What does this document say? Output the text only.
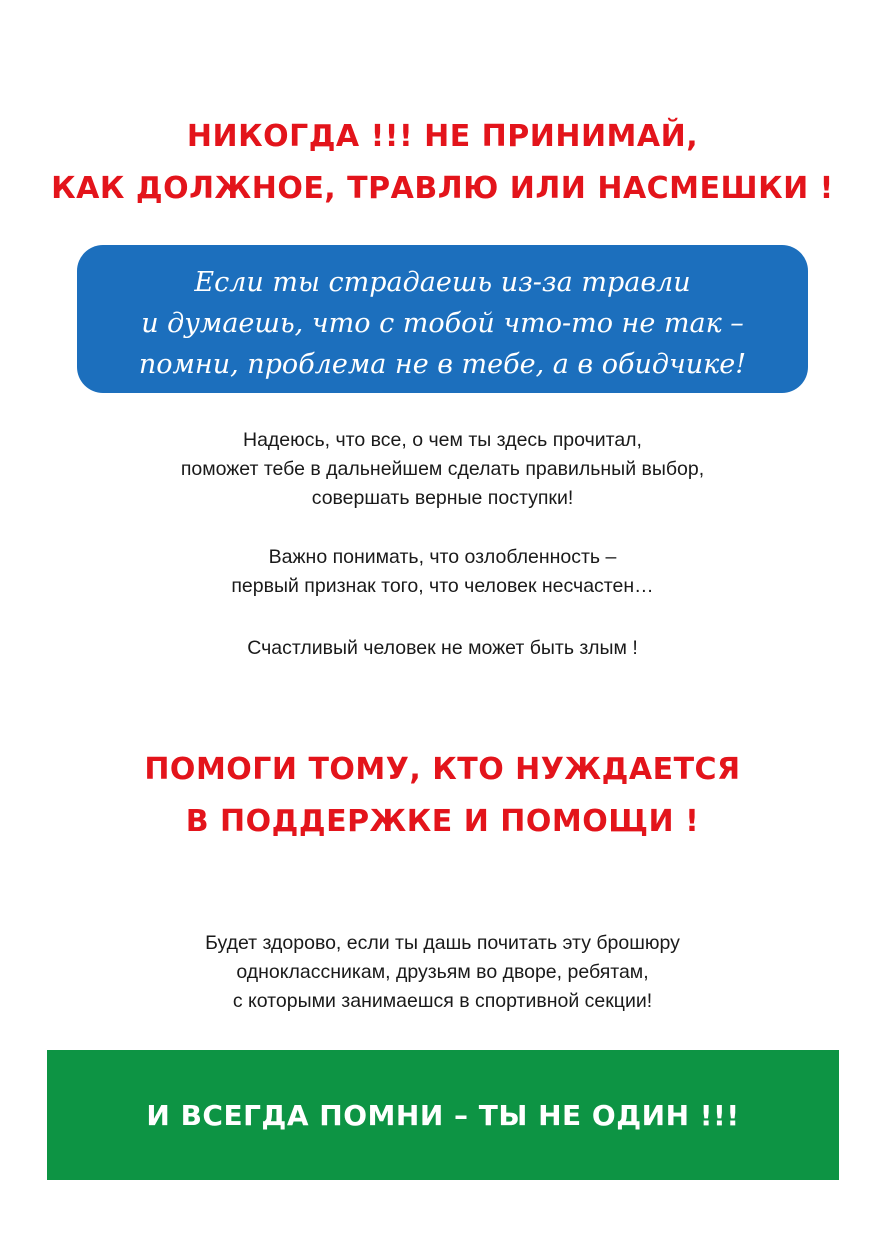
НИКОГДА !!! НЕ ПРИНИМАЙ,
КАК ДОЛЖНОЕ, ТРАВЛЮ ИЛИ НАСМЕШКИ !
Если ты страдаешь из-за травли
и думаешь, что с тобой что-то не так –
помни, проблема не в тебе, а в обидчике!
Надеюсь, что все, о чем ты здесь прочитал,
поможет тебе в дальнейшем сделать правильный выбор,
совершать верные поступки!
Важно понимать, что озлобленность –
первый признак того, что человек несчастен…
Счастливый человек не может быть злым !
ПОМОГИ ТОМУ, КТО НУЖДАЕТСЯ
В ПОДДЕРЖКЕ И ПОМОЩИ !
Будет здорово, если ты дашь почитать эту брошюру
одноклассникам, друзьям во дворе, ребятам,
с которыми занимаешся в спортивной секции!
И ВСЕГДА ПОМНИ – ТЫ НЕ ОДИН !!!
